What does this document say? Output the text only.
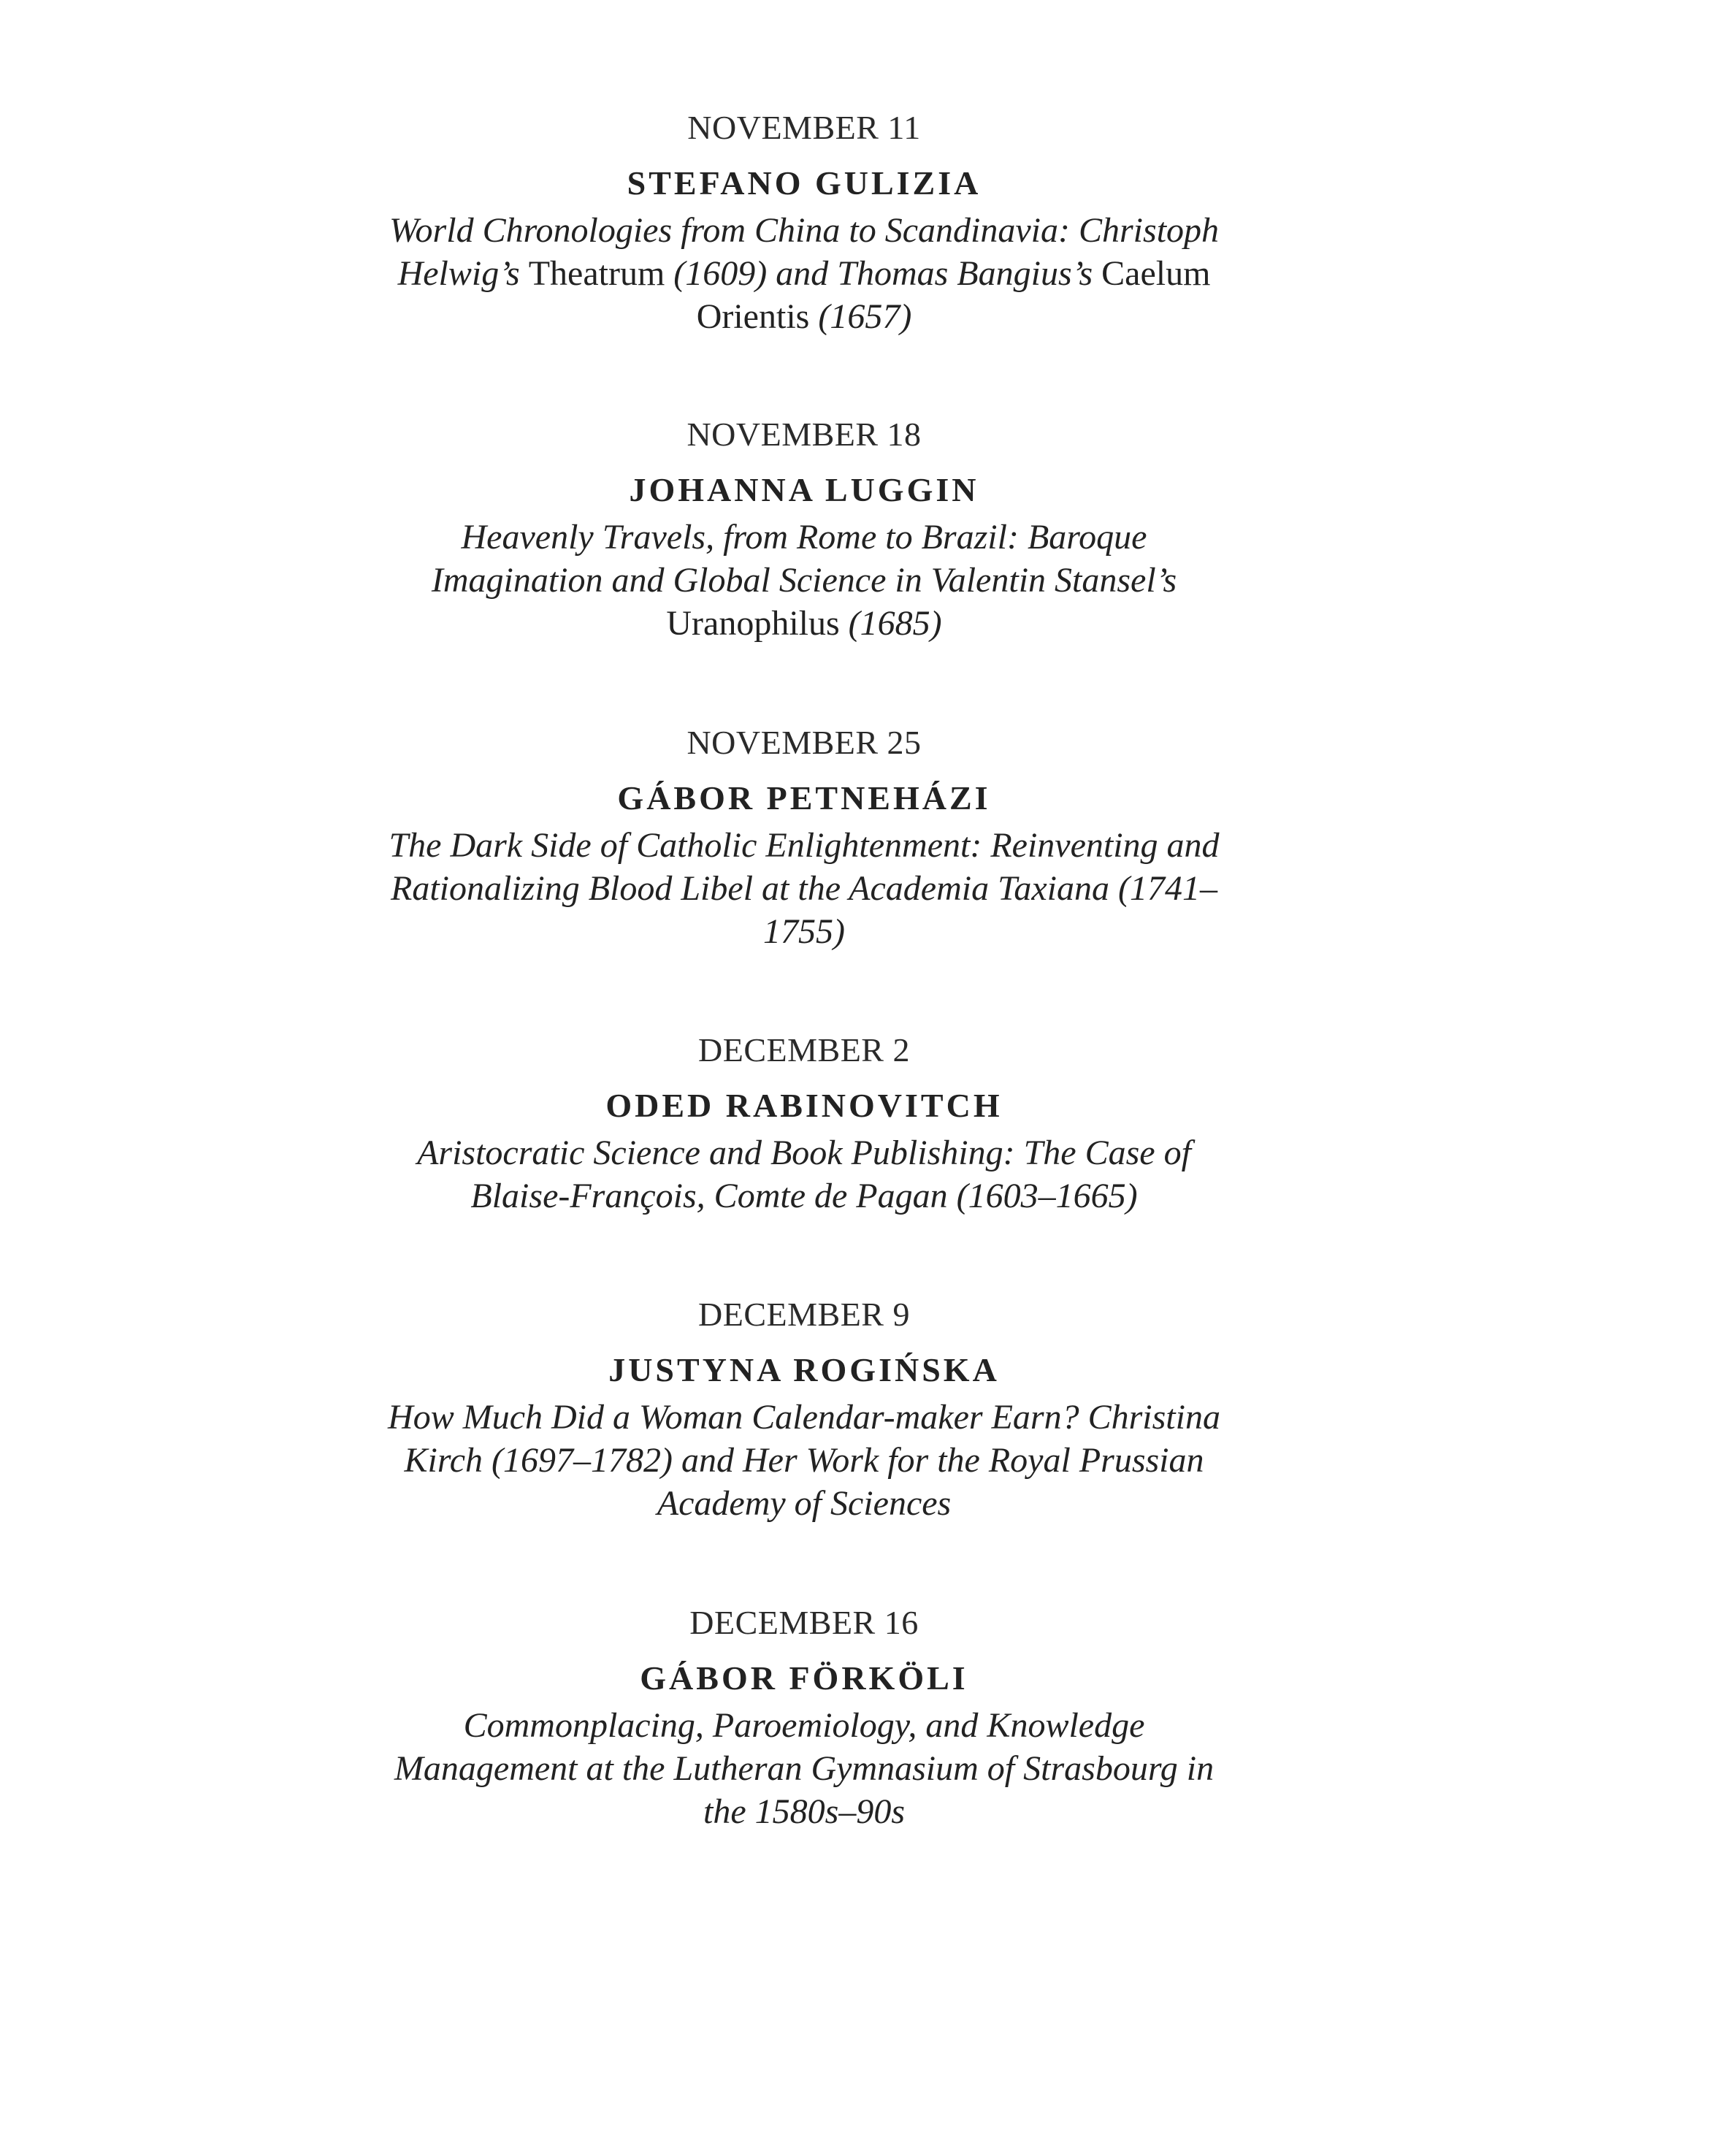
NOVEMBER 11
STEFANO GULIZIA
World Chronologies from China to Scandinavia: Christoph
Helwig’s Theatrum (1609) and Thomas Bangius’s Caelum
Orientis (1657)
NOVEMBER 18
JOHANNA LUGGIN
Heavenly Travels, from Rome to Brazil: Baroque
Imagination and Global Science in Valentin Stansel’s
Uranophilus (1685)
NOVEMBER 25
GÁBOR PETNEHÁZI
The Dark Side of Catholic Enlightenment: Reinventing and
Rationalizing Blood Libel at the Academia Taxiana (1741–
1755)
DECEMBER 2
ODED RABINOVITCH
Aristocratic Science and Book Publishing: The Case of
Blaise-François, Comte de Pagan (1603–1665)
DECEMBER 9
JUSTYNA ROGIŃSKA
How Much Did a Woman Calendar-maker Earn? Christina
Kirch (1697–1782) and Her Work for the Royal Prussian
Academy of Sciences
DECEMBER 16
GÁBOR FÖRKÖLI
Commonplacing, Paroemiology, and Knowledge
Management at the Lutheran Gymnasium of Strasbourg in
the 1580s–90s
